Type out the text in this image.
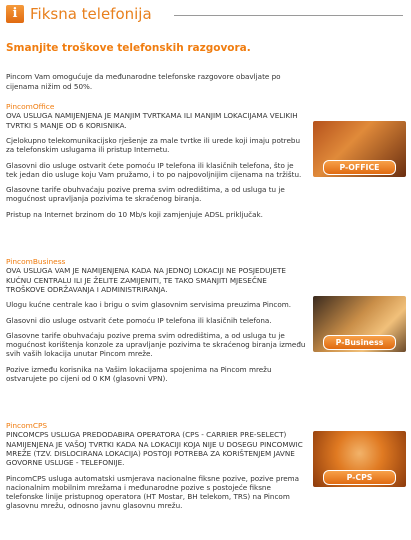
i Fiksna telefonija
Smanjite troškove telefonskih razgovora.
Pincom Vam omogućuje da međunarodne telefonske razgovore obavljate po cijenama nižim od 50%.
PincomOffice

OVA USLUGA NAMIJENJENA JE MANJIM TVRTKAMA ILI MANJIM LOKACIJAMA VELIKIH TVRTKI S MANJE OD 6 KORISNIKA.

Cjelokupno telekomunikacijsko rješenje za male tvrtke ili urede koji imaju potrebu za telefonskim uslugama ili pristup Internetu.

Glasovni dio usluge ostvarit ćete pomoću IP telefona ili klasičnih telefona, što je tek jedan dio usluge koju Vam pružamo, i to po najpovoljnijim cijenama na tržištu.

Glasovne tarife obuhvaćaju pozive prema svim odredištima, a od usluga tu je mogućnost upravljanja pozivima te skraćenog biranja.

Pristup na Internet brzinom do 10 Mb/s koji zamjenjuje ADSL priključak.

P-OFFICE
PincomBusiness

OVA USLUGA VAM JE NAMIJENJENA KADA NA JEDNOJ LOKACIJI NE POSJEDUJETE KUĆNU CENTRALU ILI JE ŽELITE ZAMIJENITI, TE TAKO SMANJITI MJESEČNE TROŠKOVE ODRŽAVANJA I ADMINISTRIRANJA.

Ulogu kućne centrale kao i brigu o svim glasovnim servisima preuzima Pincom.

Glasovni dio usluge ostvarit ćete pomoću IP telefona ili klasičnih telefona.

Glasovne tarife obuhvaćaju pozive prema svim odredištima, a od usluga tu je mogućnost korištenja konzole za upravljanje pozivima te skraćenog biranja između svih vaših lokacija unutar Pincom mreže.

Pozive između korisnika na Vašim lokacijama spojenima na Pincom mrežu ostvarujete po cijeni od 0 KM (glasovni VPN).

P-Business
PincomCPS

PINCOMCPS USLUGA PREDODABIRA OPERATORA (CPS - CARRIER PRE-SELECT) NAMIJENJENA JE VAŠOJ TVRTKI KADA NA LOKACIJI KOJA NIJE U DOSEGU PINCOMWIC MREŽE (TZV. DISLOCIRANA LOKACIJA) POSTOJI POTREBA ZA KORIŠTENJEM JAVNE GOVORNE USLUGE - TELEFONIJE.

PincomCPS usluga automatski usmjerava nacionalne fiksne pozive, pozive prema nacionalnim mobilnim mrežama i međunarodne pozive s postojeće fiksne telefonske linije pristupnog operatora (HT Mostar, BH telekom, TRS) na Pincom glasovnu mrežu, odnosno javnu glasovnu mrežu.

P-CPS
